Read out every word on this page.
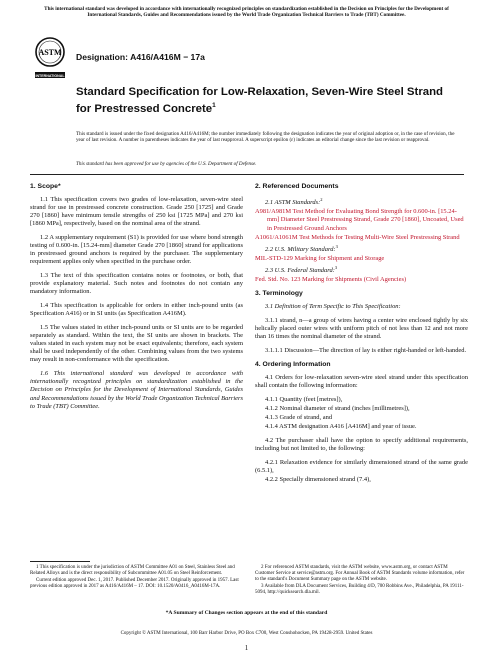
This international standard was developed in accordance with internationally recognized principles on standardization established in the Decision on Principles for the Development of International Standards, Guides and Recommendations issued by the World Trade Organization Technical Barriers to Trade (TBT) Committee.
ASTM
INTERNATIONAL
Designation: A416/A416M − 17a
Standard Specification for Low-Relaxation, Seven-Wire Steel Strand for Prestressed Concrete$^1$
This standard is issued under the fixed designation A416/A416M; the number immediately following the designation indicates the year of original adoption or, in the case of revision, the year of last revision. A number in parentheses indicates the year of last reapproval. A superscript epsilon (ε) indicates an editorial change since the last revision or reapproval.
This standard has been approved for use by agencies of the U.S. Department of Defense.
1. Scope*

1.1 This specification covers two grades of low-relaxation, seven-wire steel strand for use in prestressed concrete construction. Grade 250 [1725] and Grade 270 [1860] have minimum tensile strengths of 250 ksi [1725 MPa] and 270 ksi [1860 MPa], respectively, based on the nominal area of the strand.

1.2 A supplementary requirement (S1) is provided for use where bond strength testing of 0.600-in. [15.24-mm] diameter Grade 270 [1860] strand for applications in prestressed ground anchors is required by the purchaser. The supplementary requirement applies only when specified in the purchase order.

1.3 The text of this specification contains notes or footnotes, or both, that provide explanatory material. Such notes and footnotes do not contain any mandatory information.

1.4 This specification is applicable for orders in either inch-pound units (as Specification A416) or in SI units (as Specification A416M).

1.5 The values stated in either inch-pound units or SI units are to be regarded separately as standard. Within the text, the SI units are shown in brackets. The values stated in each system may not be exact equivalents; therefore, each system shall be used independently of the other. Combining values from the two systems may result in non-conformance with the specification.

1.6 This international standard was developed in accordance with internationally recognized principles on standardization established in the Decision on Principles for the Development of International Standards, Guides and Recommendations issued by the World Trade Organization Technical Barriers to Trade (TBT) Committee.

2. Referenced Documents
2.1 ASTM Standards:$^2$
A981/A981M Test Method for Evaluating Bond Strength for 0.600-in. [15.24-mm] Diameter Steel Prestressing Strand, Grade 270 [1860], Uncoated, Used in Prestressed Ground Anchors
A1061/A1061M Test Methods for Testing Multi-Wire Steel Prestressing Strand
2.2 U.S. Military Standard:$^3$
MIL-STD-129 Marking for Shipment and Storage
2.3 U.S. Federal Standard:$^3$
Fed. Std. No. 123 Marking for Shipments (Civil Agencies)
3. Terminology

3.1 Definition of Term Specific to This Specification:

3.1.1 strand, n—a group of wires having a center wire enclosed tightly by six helically placed outer wires with uniform pitch of not less than 12 and not more than 16 times the nominal diameter of the strand.

3.1.1.1 Discussion—The direction of lay is either right-handed or left-handed.

4. Ordering Information

4.1 Orders for low-relaxation seven-wire steel strand under this specification shall contain the following information:

4.1.1 Quantity (feet [metres]),

4.1.2 Nominal diameter of strand (inches [millimetres]),

4.1.3 Grade of strand, and

4.1.4 ASTM designation A416 [A416M] and year of issue.

4.2 The purchaser shall have the option to specify additional requirements, including but not limited to, the following:

4.2.1 Relaxation evidence for similarly dimensioned strand of the same grade (6.5.1),

4.2.2 Specially dimensioned strand (7.4),

1 This specification is under the jurisdiction of ASTM Committee A01 on Steel, Stainless Steel and Related Alloys and is the direct responsibility of Subcommittee A01.05 on Steel Reinforcement.

Current edition approved Dec. 1, 2017. Published December 2017. Originally approved in 1957. Last previous edition approved in 2017 as A416/A416M – 17. DOI: 10.1520/A0416_A0416M-17A.

2 For referenced ASTM standards, visit the ASTM website, www.astm.org, or contact ASTM Customer Service at service@astm.org. For Annual Book of ASTM Standards volume information, refer to the standard's Document Summary page on the ASTM website.

3 Available from DLA Document Services, Building 4/D, 700 Robbins Ave., Philadelphia, PA 19111-5094, http://quicksearch.dla.mil.

*A Summary of Changes section appears at the end of this standard
Copyright © ASTM International, 100 Barr Harbor Drive, PO Box C700, West Conshohocken, PA 19428-2959. United States
1
